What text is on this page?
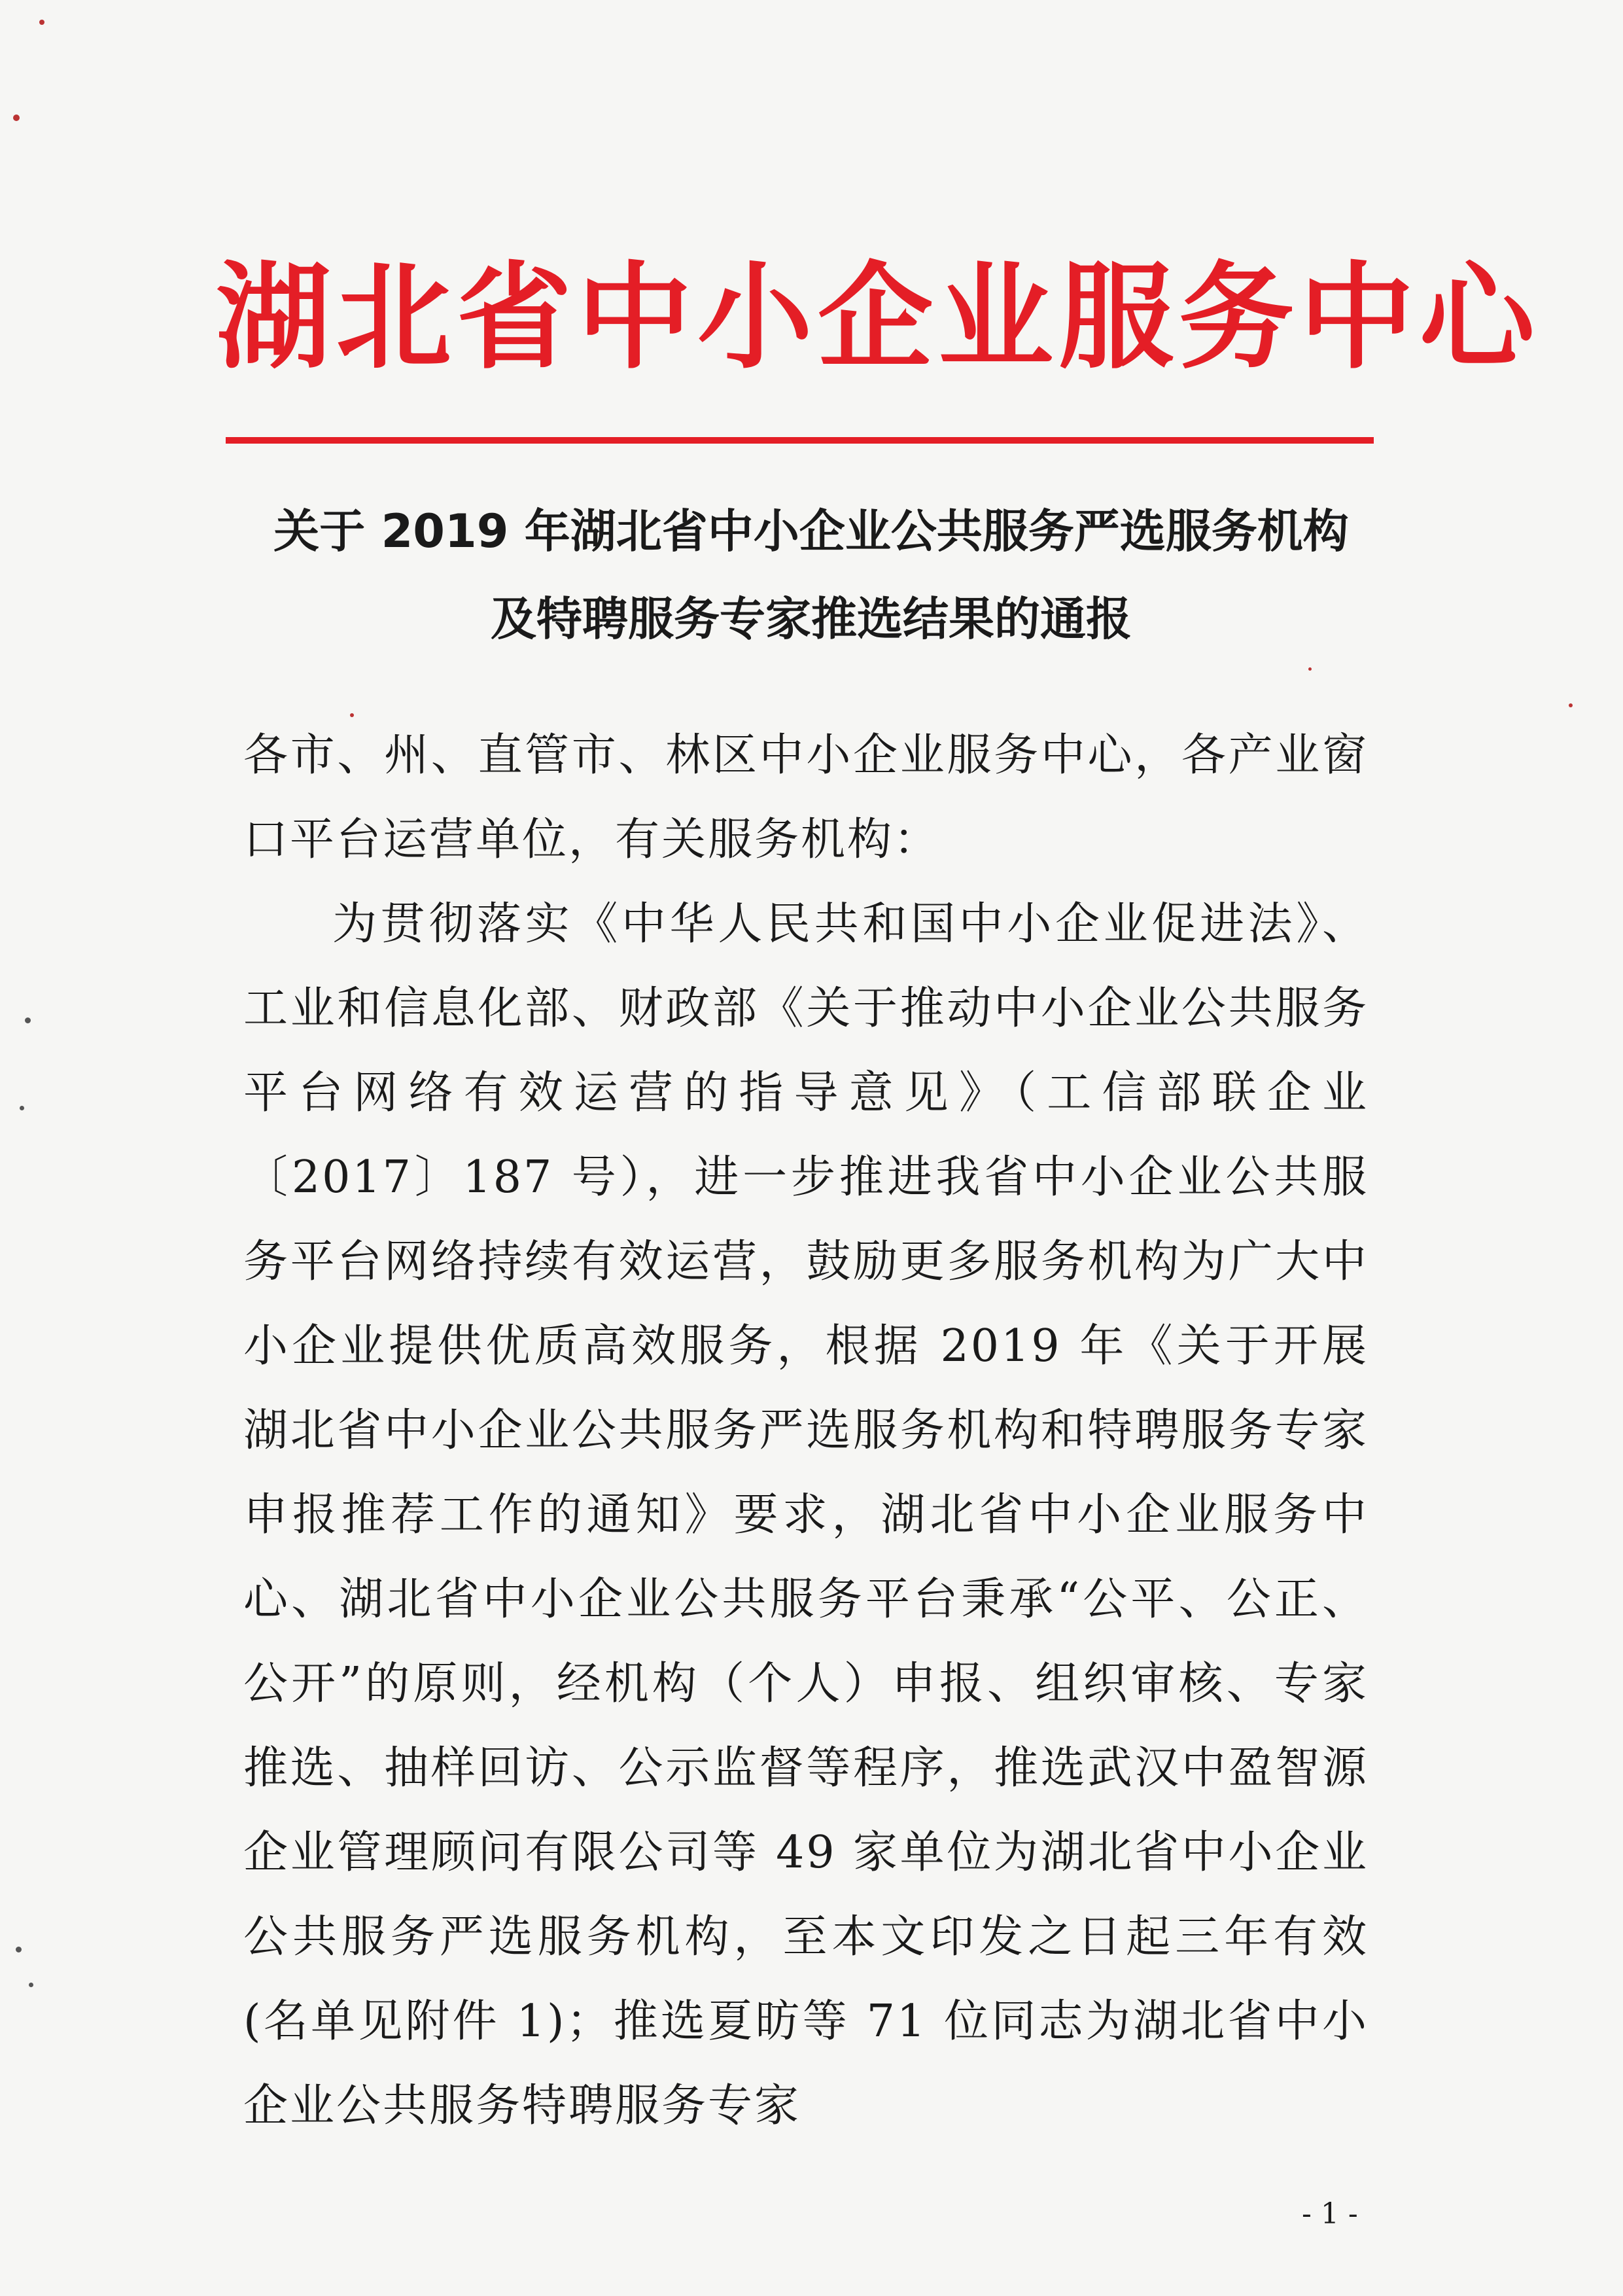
湖北省中小企业服务中心
关于 2019 年湖北省中小企业公共服务严选服务机构
及特聘服务专家推选结果的通报

各市、州、直管市、林区中小企业服务中心，各产业窗口平台运营单位，有关服务机构：

为贯彻落实《中华人民共和国中小企业促进法》、工业和信息化部、财政部《关于推动中小企业公共服务平台网络有效运营的指导意见》（工信部联企业〔2017〕187 号），进一步推进我省中小企业公共服务平台网络持续有效运营，鼓励更多服务机构为广大中小企业提供优质高效服务，根据 2019 年《关于开展湖北省中小企业公共服务严选服务机构和特聘服务专家申报推荐工作的通知》要求，湖北省中小企业服务中心、湖北省中小企业公共服务平台秉承“公平、公正、公开”的原则，经机构（个人）申报、组织审核、专家推选、抽样回访、公示监督等程序，推选武汉中盈智源企业管理顾问有限公司等 49 家单位为湖北省中小企业公共服务严选服务机构，至本文印发之日起三年有效(名单见附件 1)；推选夏昉等 71 位同志为湖北省中小企业公共服务特聘服务专家

- 1 -
